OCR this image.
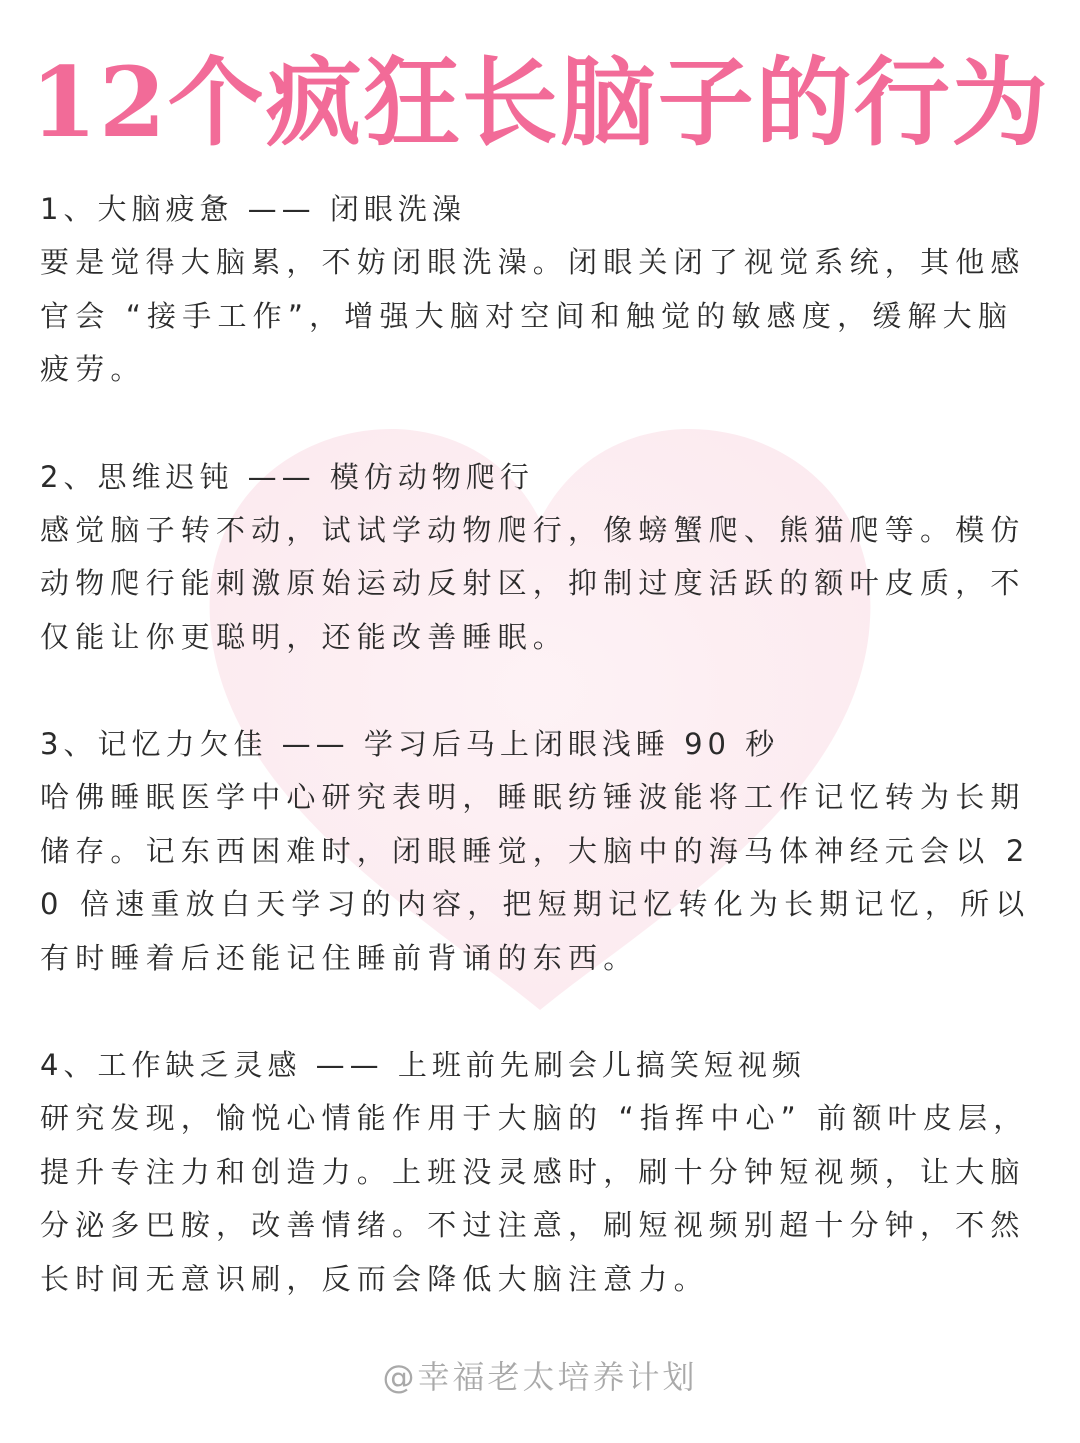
12个疯狂长脑子的行为
1、大脑疲惫 —— 闭眼洗澡

要是觉得大脑累，不妨闭眼洗澡。闭眼关闭了视觉系统，其他感官会 “接手工作”，增强大脑对空间和触觉的敏感度，缓解大脑疲劳。

2、思维迟钝 —— 模仿动物爬行

感觉脑子转不动，试试学动物爬行，像螃蟹爬、熊猫爬等。模仿动物爬行能刺激原始运动反射区，抑制过度活跃的额叶皮质，不仅能让你更聪明，还能改善睡眠。

3、记忆力欠佳 —— 学习后马上闭眼浅睡 90 秒

哈佛睡眠医学中心研究表明，睡眠纺锤波能将工作记忆转为长期储存。记东西困难时，闭眼睡觉，大脑中的海马体神经元会以 20 倍速重放白天学习的内容，把短期记忆转化为长期记忆，所以有时睡着后还能记住睡前背诵的东西。

4、工作缺乏灵感 —— 上班前先刷会儿搞笑短视频

研究发现，愉悦心情能作用于大脑的 “指挥中心” 前额叶皮层，提升专注力和创造力。上班没灵感时，刷十分钟短视频，让大脑分泌多巴胺，改善情绪。不过注意，刷短视频别超十分钟，不然长时间无意识刷，反而会降低大脑注意力。

@幸福老太培养计划
